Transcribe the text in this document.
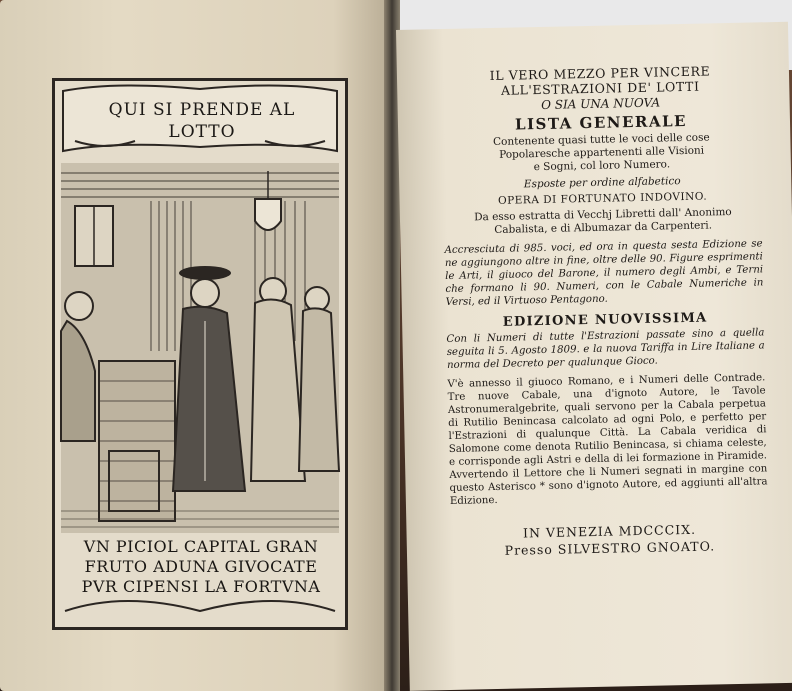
QUI SI PRENDE AL
LOTTO
VN PICIOL CAPITAL GRAN
FRUTO ADUNA GIVOCATE
PVR CIPENSI LA FORTVNA

IL VERO MEZZO PER VINCERE

ALL'ESTRAZIONI DE' LOTTI

O SIA UNA NUOVA

LISTA GENERALE

Contenente quasi tutte le voci delle cose

Popolaresche appartenenti alle Visioni

e Sogni, col loro Numero.

Esposte per ordine alfabetico

OPERA DI FORTUNATO INDOVINO.

Da esso estratta di Vecchj Libretti dall' Anonimo

Cabalista, e di Albumazar da Carpenteri.

Accresciuta di 985. voci, ed ora in questa sesta Edizione se ne aggiungono altre in fine, oltre delle 90. Figure esprimenti le Arti, il giuoco del Barone, il numero degli Ambi, e Terni che formano li 90. Numeri, con le Cabale Numeriche in Versi, ed il Virtuoso Pentagono.

EDIZIONE NUOVISSIMA

Con li Numeri di tutte l'Estrazioni passate sino a quella seguita li 5. Agosto 1809. e la nuova Tariffa in Lire Italiane a norma del Decreto per qualunque Gioco.

V'è annesso il giuoco Romano, e i Numeri delle Contrade. Tre nuove Cabale, una d'ignoto Autore, le Tavole Astronumeralgebrite, quali servono per la Cabala perpetua di Rutilio Benincasa calcolato ad ogni Polo, e perfetto per l'Estrazioni di qualunque Città. La Cabala veridica di Salomone come denota Rutilio Benincasa, si chiama celeste, e corrisponde agli Astri e della di lei formazione in Piramide. Avvertendo il Lettore che li Numeri segnati in margine con questo Asterisco * sono d'ignoto Autore, ed aggiunti all'altra Edizione.

IN VENEZIA MDCCCIX.

Presso SILVESTRO GNOATO.
